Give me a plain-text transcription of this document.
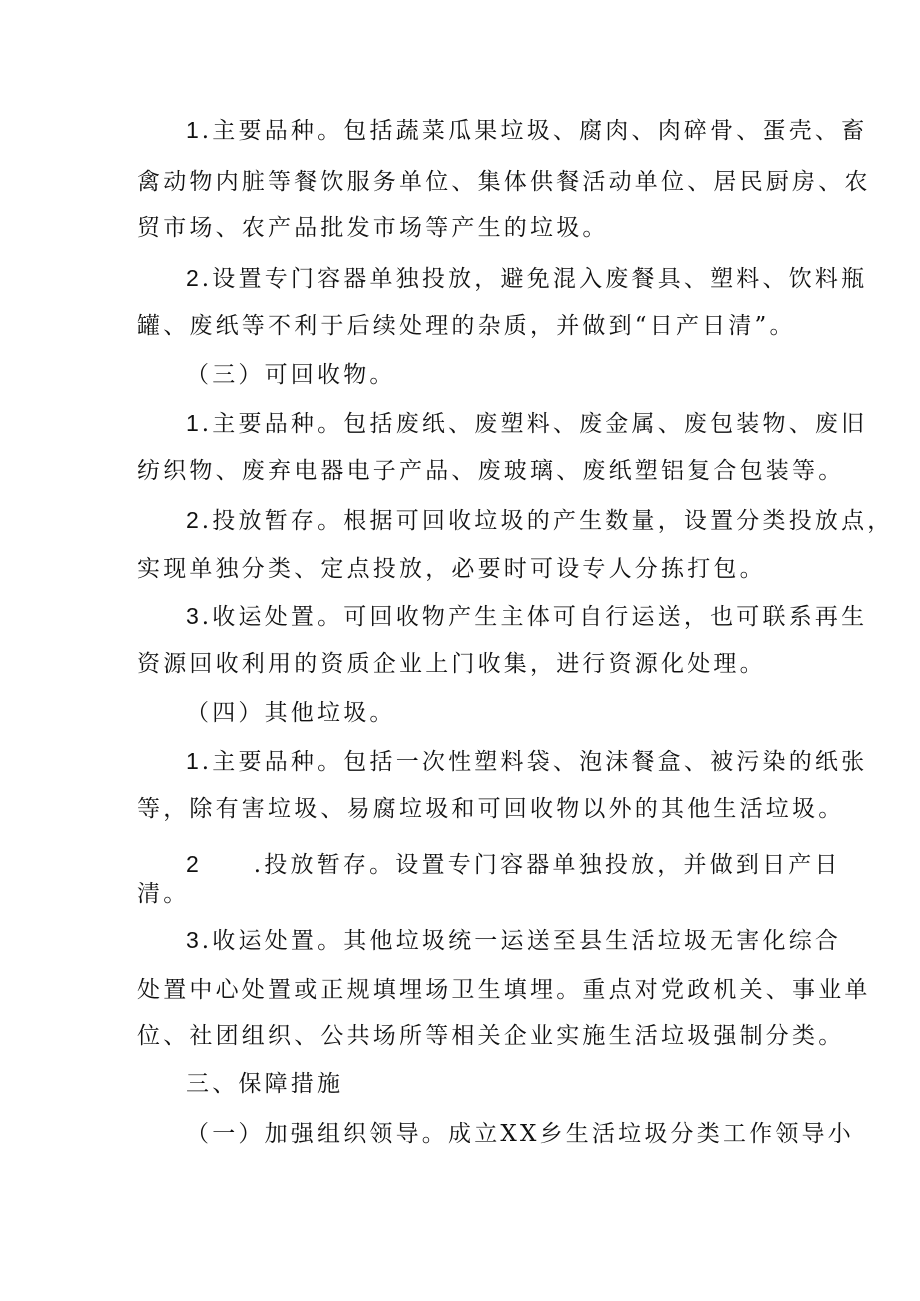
1 .主要品种。包括蔬菜瓜果垃圾、腐肉、肉碎骨、蛋壳、畜
禽动物内脏等餐饮服务单位、集体供餐活动单位、居民厨房、农
贸市场、农产品批发市场等产生的垃圾。
2 .设置专门容器单独投放，避免混入废餐具、塑料、饮料瓶
罐、废纸等不利于后续处理的杂质，并做到“日产日清”。
（三）可回收物。
1 .主要品种。包括废纸、废塑料、废金属、废包装物、废旧
纺织物、废弃电器电子产品、废玻璃、废纸塑铝复合包装等。
2 .投放暂存。根据可回收垃圾的产生数量，设置分类投放点，
实现单独分类、定点投放，必要时可设专人分拣打包。
3 .收运处置。可回收物产生主体可自行运送，也可联系再生
资源回收利用的资质企业上门收集，进行资源化处理。
（四）其他垃圾。
1 .主要品种。包括一次性塑料袋、泡沫餐盒、被污染的纸张
等，除有害垃圾、易腐垃圾和可回收物以外的其他生活垃圾。
2 .投放暂存。设置专门容器单独投放，并做到日产日
清。
3 .收运处置。其他垃圾统一运送至县生活垃圾无害化综合
处置中心处置或正规填埋场卫生填埋。重点对党政机关、事业单
位、社团组织、公共场所等相关企业实施生活垃圾强制分类。
三、保障措施
（一）加强组织领导。成立XX乡生活垃圾分类工作领导小
